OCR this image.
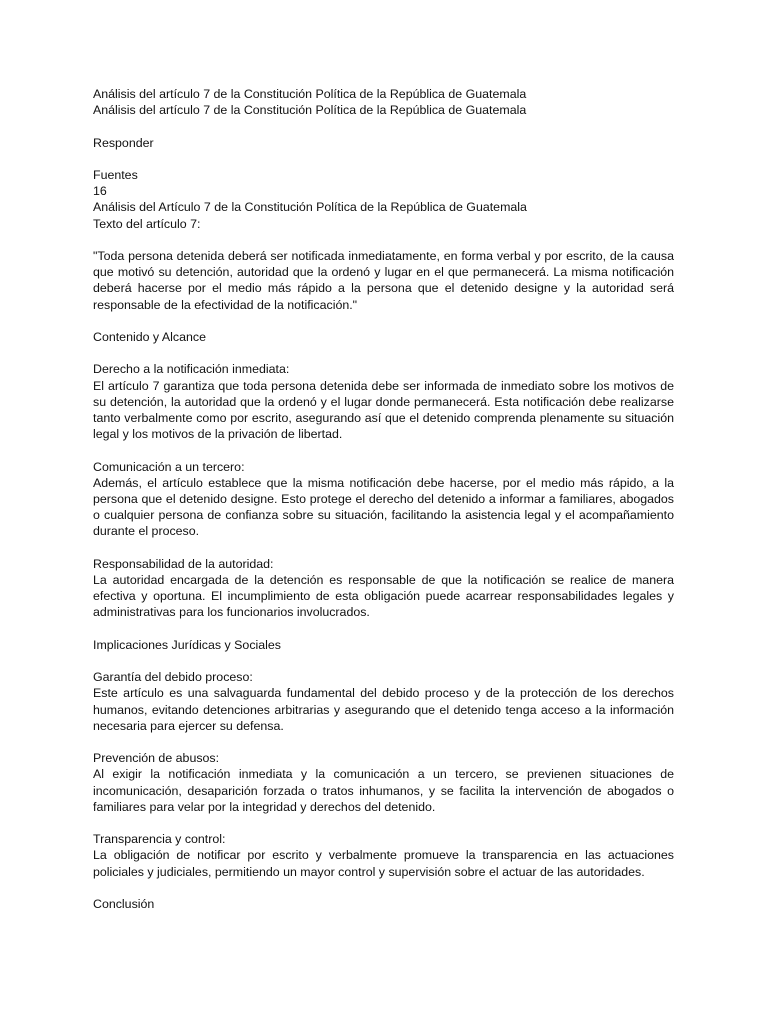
Análisis del artículo 7 de la Constitución Política de la República de Guatemala
Análisis del artículo 7 de la Constitución Política de la República de Guatemala
Responder
Fuentes
16
Análisis del Artículo 7 de la Constitución Política de la República de Guatemala
Texto del artículo 7:
"Toda persona detenida deberá ser notificada inmediatamente, en forma verbal y por escrito, de la causa que motivó su detención, autoridad que la ordenó y lugar en el que permanecerá. La misma notificación deberá hacerse por el medio más rápido a la persona que el detenido designe y la autoridad será responsable de la efectividad de la notificación."
Contenido y Alcance
Derecho a la notificación inmediata:
El artículo 7 garantiza que toda persona detenida debe ser informada de inmediato sobre los motivos de su detención, la autoridad que la ordenó y el lugar donde permanecerá. Esta notificación debe realizarse tanto verbalmente como por escrito, asegurando así que el detenido comprenda plenamente su situación legal y los motivos de la privación de libertad.
Comunicación a un tercero:
Además, el artículo establece que la misma notificación debe hacerse, por el medio más rápido, a la persona que el detenido designe. Esto protege el derecho del detenido a informar a familiares, abogados o cualquier persona de confianza sobre su situación, facilitando la asistencia legal y el acompañamiento durante el proceso.
Responsabilidad de la autoridad:
La autoridad encargada de la detención es responsable de que la notificación se realice de manera efectiva y oportuna. El incumplimiento de esta obligación puede acarrear responsabilidades legales y administrativas para los funcionarios involucrados.
Implicaciones Jurídicas y Sociales
Garantía del debido proceso:
Este artículo es una salvaguarda fundamental del debido proceso y de la protección de los derechos humanos, evitando detenciones arbitrarias y asegurando que el detenido tenga acceso a la información necesaria para ejercer su defensa.
Prevención de abusos:
Al exigir la notificación inmediata y la comunicación a un tercero, se previenen situaciones de incomunicación, desaparición forzada o tratos inhumanos, y se facilita la intervención de abogados o familiares para velar por la integridad y derechos del detenido.
Transparencia y control:
La obligación de notificar por escrito y verbalmente promueve la transparencia en las actuaciones policiales y judiciales, permitiendo un mayor control y supervisión sobre el actuar de las autoridades.
Conclusión
